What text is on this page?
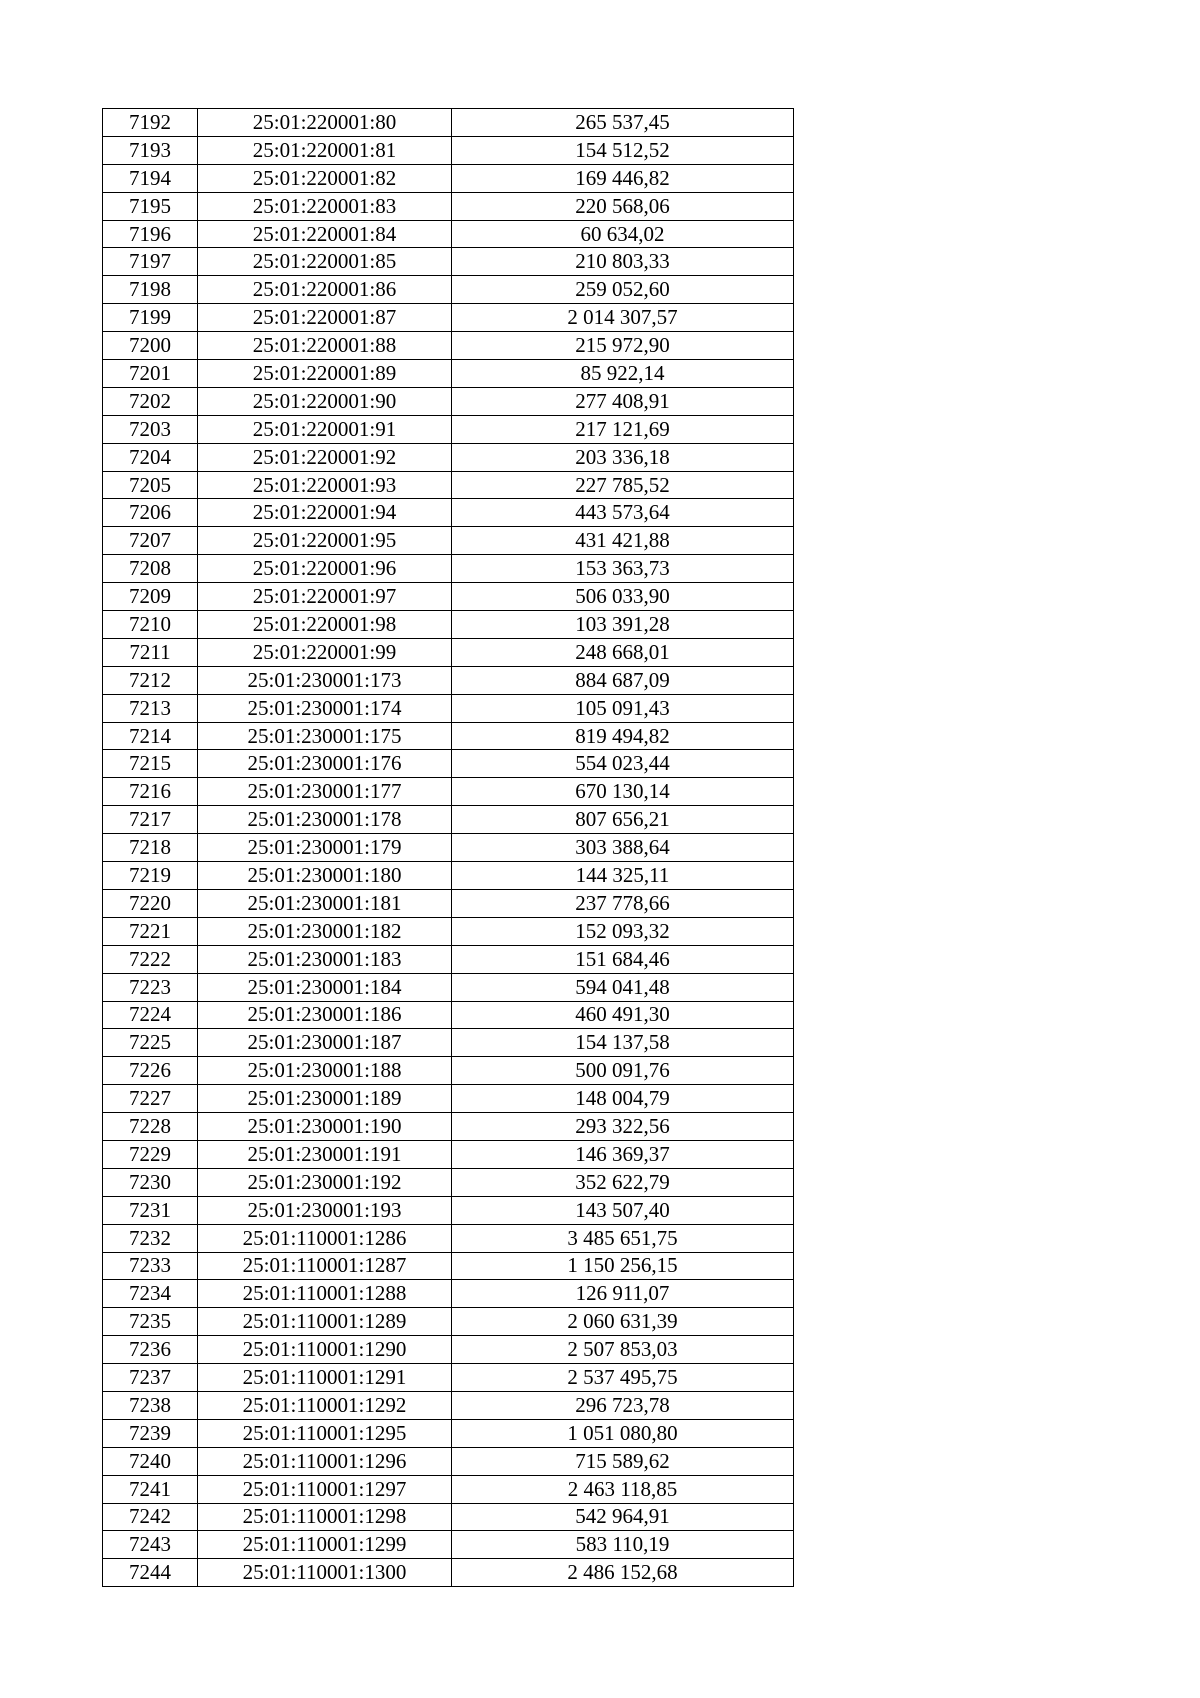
7192	25:01:220001:80	265 537,45
7193	25:01:220001:81	154 512,52
7194	25:01:220001:82	169 446,82
7195	25:01:220001:83	220 568,06
7196	25:01:220001:84	60 634,02
7197	25:01:220001:85	210 803,33
7198	25:01:220001:86	259 052,60
7199	25:01:220001:87	2 014 307,57
7200	25:01:220001:88	215 972,90
7201	25:01:220001:89	85 922,14
7202	25:01:220001:90	277 408,91
7203	25:01:220001:91	217 121,69
7204	25:01:220001:92	203 336,18
7205	25:01:220001:93	227 785,52
7206	25:01:220001:94	443 573,64
7207	25:01:220001:95	431 421,88
7208	25:01:220001:96	153 363,73
7209	25:01:220001:97	506 033,90
7210	25:01:220001:98	103 391,28
7211	25:01:220001:99	248 668,01
7212	25:01:230001:173	884 687,09
7213	25:01:230001:174	105 091,43
7214	25:01:230001:175	819 494,82
7215	25:01:230001:176	554 023,44
7216	25:01:230001:177	670 130,14
7217	25:01:230001:178	807 656,21
7218	25:01:230001:179	303 388,64
7219	25:01:230001:180	144 325,11
7220	25:01:230001:181	237 778,66
7221	25:01:230001:182	152 093,32
7222	25:01:230001:183	151 684,46
7223	25:01:230001:184	594 041,48
7224	25:01:230001:186	460 491,30
7225	25:01:230001:187	154 137,58
7226	25:01:230001:188	500 091,76
7227	25:01:230001:189	148 004,79
7228	25:01:230001:190	293 322,56
7229	25:01:230001:191	146 369,37
7230	25:01:230001:192	352 622,79
7231	25:01:230001:193	143 507,40
7232	25:01:110001:1286	3 485 651,75
7233	25:01:110001:1287	1 150 256,15
7234	25:01:110001:1288	126 911,07
7235	25:01:110001:1289	2 060 631,39
7236	25:01:110001:1290	2 507 853,03
7237	25:01:110001:1291	2 537 495,75
7238	25:01:110001:1292	296 723,78
7239	25:01:110001:1295	1 051 080,80
7240	25:01:110001:1296	715 589,62
7241	25:01:110001:1297	2 463 118,85
7242	25:01:110001:1298	542 964,91
7243	25:01:110001:1299	583 110,19
7244	25:01:110001:1300	2 486 152,68
